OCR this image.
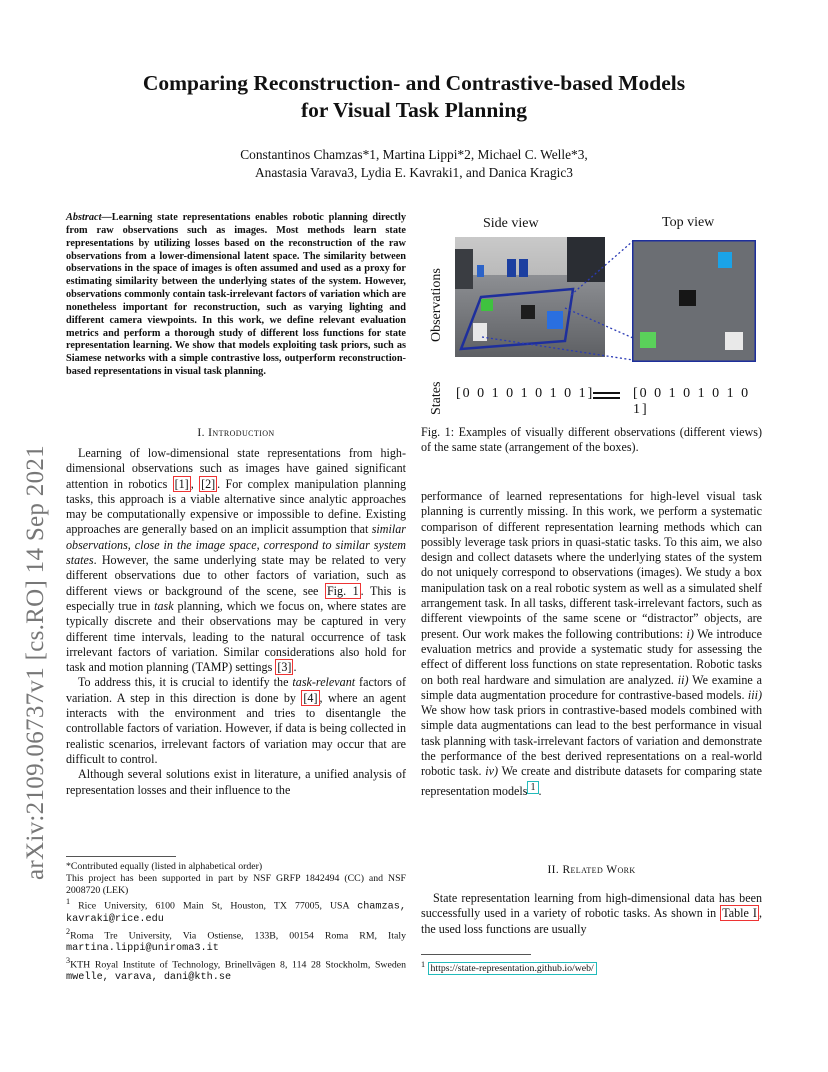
arXiv:2109.06737v1 [cs.RO] 14 Sep 2021
Comparing Reconstruction- and Contrastive-based Models
for Visual Task Planning
Constantinos Chamzas*1, Martina Lippi*2, Michael C. Welle*3,
Anastasia Varava3, Lydia E. Kavraki1, and Danica Kragic3
Abstract—Learning state representations enables robotic planning directly from raw observations such as images. Most methods learn state representations by utilizing losses based on the reconstruction of the raw observations from a lower-dimensional latent space. The similarity between observations in the space of images is often assumed and used as a proxy for estimating similarity between the underlying states of the system. However, observations commonly contain task-irrelevant factors of variation which are nonetheless important for reconstruction, such as varying lighting and different camera viewpoints. In this work, we define relevant evaluation metrics and perform a thorough study of different loss functions for state representation learning. We show that models exploiting task priors, such as Siamese networks with a simple contrastive loss, outperform reconstruction-based representations in visual task planning.
I. Introduction
Learning of low-dimensional state representations from high-dimensional observations such as images have gained significant attention in robotics [1] , [2] . For complex manipulation planning tasks, this approach is a viable alternative since analytic approaches may be computationally expensive or impossible to define. Existing approaches are generally based on an implicit assumption that similar observations, close in the image space, correspond to similar system states. However, the same underlying state may be related to very different observations due to other factors of variation, such as different views or background of the scene, see Fig. 1 . This is especially true in task planning, which we focus on, where states are typically discrete and their observations may be captured in very different time intervals, leading to the natural occurrence of task irrelevant factors of variation. Similar considerations also hold for task and motion planning (TAMP) settings [3] .
To address this, it is crucial to identify the task-relevant factors of variation. A step in this direction is done by [4] , where an agent interacts with the environment and tries to disentangle the controllable factors of variation. However, if data is being collected in realistic scenarios, irrelevant factors of variation may occur that are difficult to control.
Although several solutions exist in literature, a unified analysis of representation losses and their influence to the
*Contributed equally (listed in alphabetical order)
This project has been supported in part by NSF GRFP 1842494 (CC) and NSF 2008720 (LEK)
$^1$ Rice University, 6100 Main St, Houston, TX 77005, USA chamzas, kavraki@rice.edu
$^2$Roma Tre University, Via Ostiense, 133B, 00154 Roma RM, Italy martina.lippi@uniroma3.it
$^3$KTH Royal Institute of Technology, Brinellvägen 8, 114 28 Stockholm, Sweden mwelle, varava, dani@kth.se
Side view	Top view
Observations
States [0 0 1 0 1 0 1 0 1]	[0 0 1 0 1 0 1 0 1]
Fig. 1: Examples of visually different observations (different views) of the same state (arrangement of the boxes).
performance of learned representations for high-level visual task planning is currently missing. In this work, we perform a systematic comparison of different representation learning methods which can possibly leverage task priors in quasi-static tasks. To this aim, we also design and collect datasets where the underlying states of the system do not uniquely correspond to observations (images). We study a box manipulation task on a real robotic system as well as a simulated shelf arrangement task. In all tasks, different task-irrelevant factors, such as different viewpoints of the same scene or “distractor” objects, are present. Our work makes the following contributions: i) We introduce evaluation metrics and provide a systematic study for assessing the effect of different loss functions on state representation. Robotic tasks on both real hardware and simulation are analyzed. ii) We examine a simple data augmentation procedure for contrastive-based models. iii) We show how task priors in contrastive-based models combined with simple data augmentations can lead to the best performance in visual task planning with task-irrelevant factors of variation and demonstrate the performance of the best derived representations on a real-world robotic task. iv) We create and distribute datasets for comparing state representation models $^1$ .
II. Related Work
State representation learning from high-dimensional data has been successfully used in a variety of robotic tasks. As shown in Table I , the used loss functions are usually
$^1$ https://state-representation.github.io/web/
